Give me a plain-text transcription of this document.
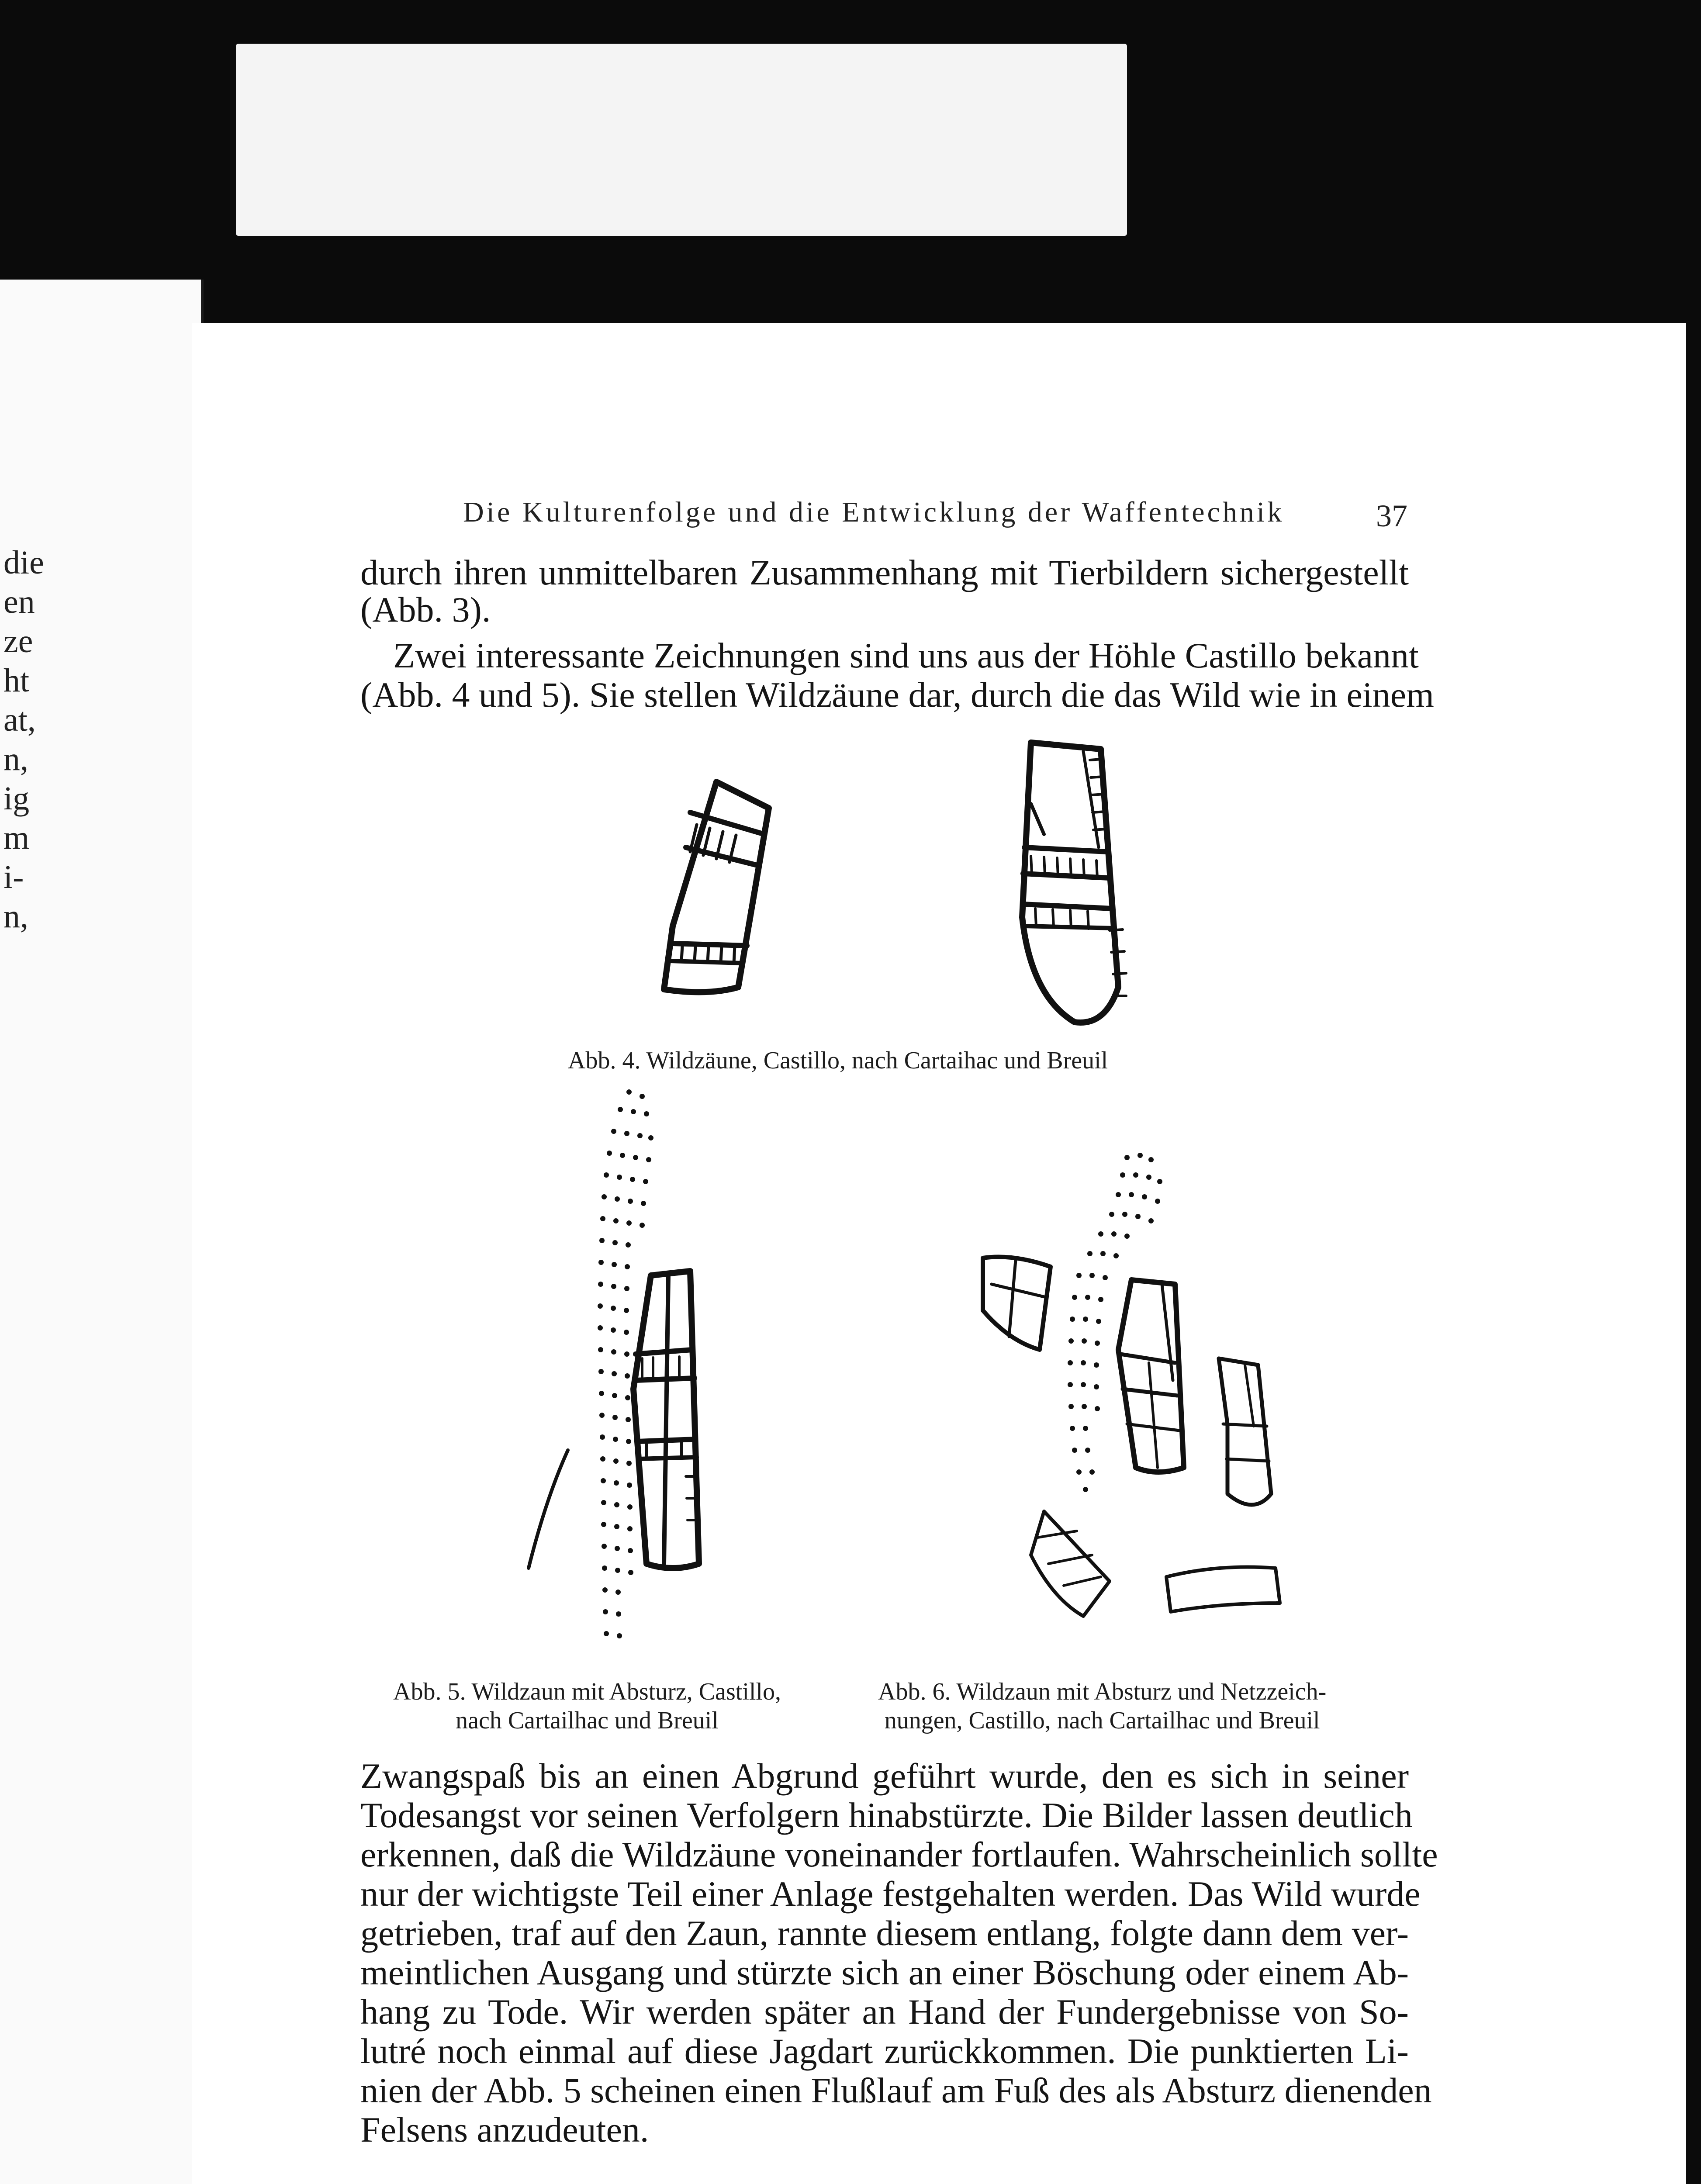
die
en
ze
ht
at,
n,
ig
m
i-
n,
Die Kulturenfolge und die Entwicklung der Waffentechnik	37
durch ihren unmittelbaren Zusammenhang mit Tierbildern sichergestellt
(Abb. 3).
Zwei interessante Zeichnungen sind uns aus der Höhle Castillo bekannt
(Abb. 4 und 5). Sie stellen Wildzäune dar, durch die das Wild wie in einem
Abb. 4. Wildzäune, Castillo, nach Cartaihac und Breuil
Abb. 5. Wildzaun mit Absturz, Castillo,
nach Cartailhac und Breuil
Abb. 6. Wildzaun mit Absturz und Netzzeich-
nungen, Castillo, nach Cartailhac und Breuil
Zwangspaß bis an einen Abgrund geführt wurde, den es sich in seiner
Todesangst vor seinen Verfolgern hinabstürzte. Die Bilder lassen deutlich
erkennen, daß die Wildzäune voneinander fortlaufen. Wahrscheinlich sollte
nur der wichtigste Teil einer Anlage festgehalten werden. Das Wild wurde
getrieben, traf auf den Zaun, rannte diesem entlang, folgte dann dem ver-
meintlichen Ausgang und stürzte sich an einer Böschung oder einem Ab-
hang zu Tode. Wir werden später an Hand der Fundergebnisse von So-
lutré noch einmal auf diese Jagdart zurückkommen. Die punktierten Li-
nien der Abb. 5 scheinen einen Flußlauf am Fuß des als Absturz dienenden
Felsens anzudeuten.
